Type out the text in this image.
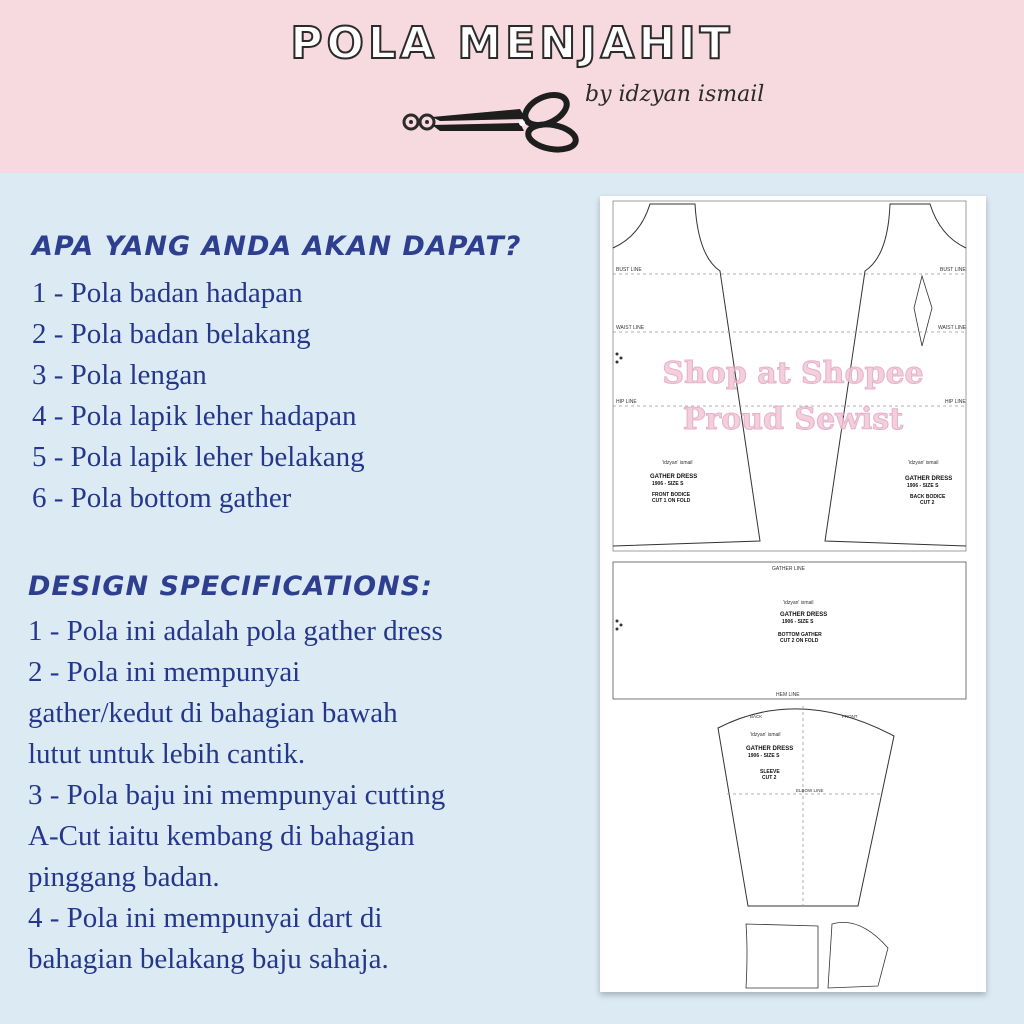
POLA MENJAHIT
by idzyan ismail
APA YANG ANDA AKAN DAPAT?
1 - Pola badan hadapan
2 - Pola badan belakang
3 - Pola lengan
4 - Pola lapik leher hadapan
5 - Pola lapik leher belakang
6 - Pola bottom gather
DESIGN SPECIFICATIONS:
1 - Pola ini adalah pola gather dress
2 - Pola ini mempunyai
gather/kedut di bahagian bawah
lutut untuk lebih cantik.
3 - Pola baju ini mempunyai cutting
A-Cut iaitu kembang di bahagian
pinggang badan.
4 - Pola ini mempunyai dart di
bahagian belakang baju sahaja.
BUST LINE	BUST LINE
WAIST LINE	WAIST LINE
HIP LINE	HIP LINE
'idzyan' ismail
GATHER DRESS
1906 - SIZE S
FRONT BODICE
CUT 1 ON FOLD
'idzyan' ismail
GATHER DRESS
1906 - SIZE S
BACK BODICE
CUT 2
GATHER LINE
HEM LINE
'idzyan' ismail
GATHER DRESS
1906 - SIZE S
BOTTOM GATHER
CUT 2 ON FOLD
BACK	FRONT
ELBOW LINE
'idzyan' ismail
GATHER DRESS
1906 - SIZE S
SLEEVE
CUT 2
Shop at Shopee
Proud Sewist
